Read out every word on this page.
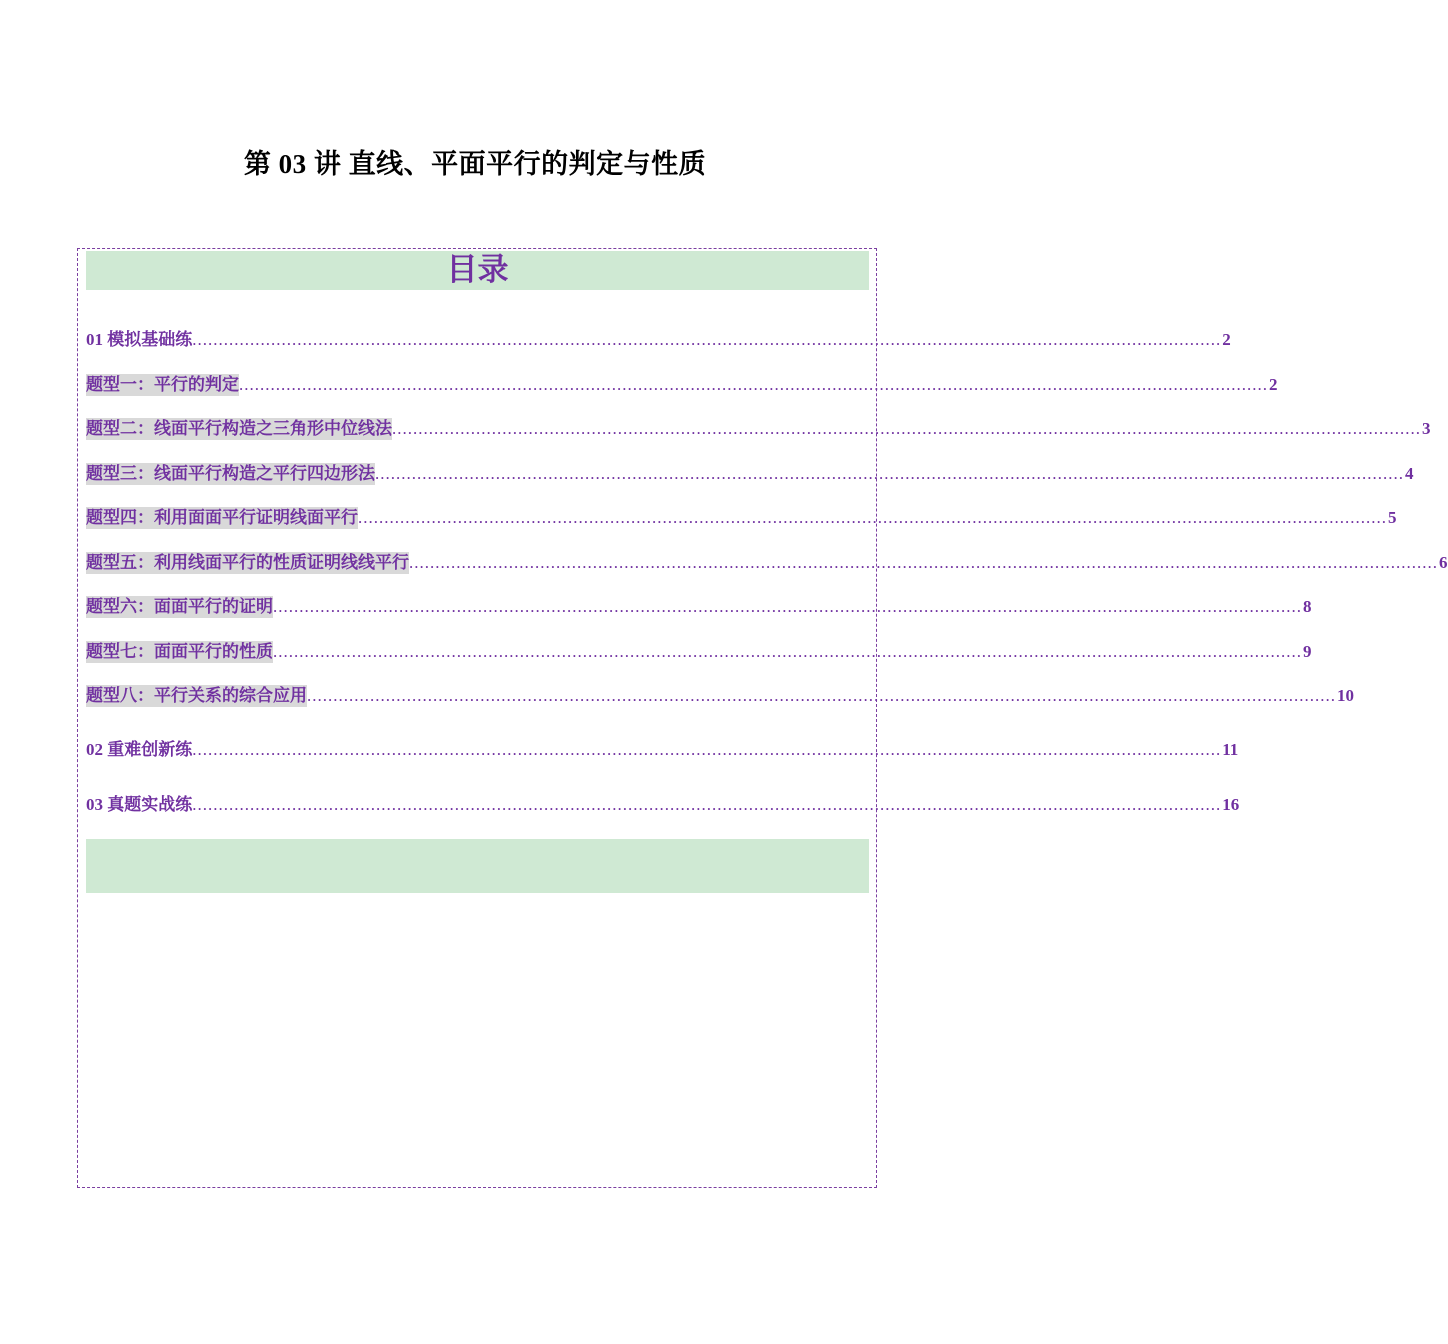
第 03 讲 直线、平面平行的判定与性质
目录
01 模拟基础练 .................................................................................................................................................................................................... 2
题型一：平行的判定 .................................................................................................................................................................................................... 2
题型二：线面平行构造之三角形中位线法 .................................................................................................................................................................................................... 3
题型三：线面平行构造之平行四边形法 .................................................................................................................................................................................................... 4
题型四：利用面面平行证明线面平行 .................................................................................................................................................................................................... 5
题型五：利用线面平行的性质证明线线平行 .................................................................................................................................................................................................... 6
题型六：面面平行的证明 .................................................................................................................................................................................................... 8
题型七：面面平行的性质 .................................................................................................................................................................................................... 9
题型八：平行关系的综合应用 .................................................................................................................................................................................................... 10
02 重难创新练 .................................................................................................................................................................................................... 11
03 真题实战练 .................................................................................................................................................................................................... 16
